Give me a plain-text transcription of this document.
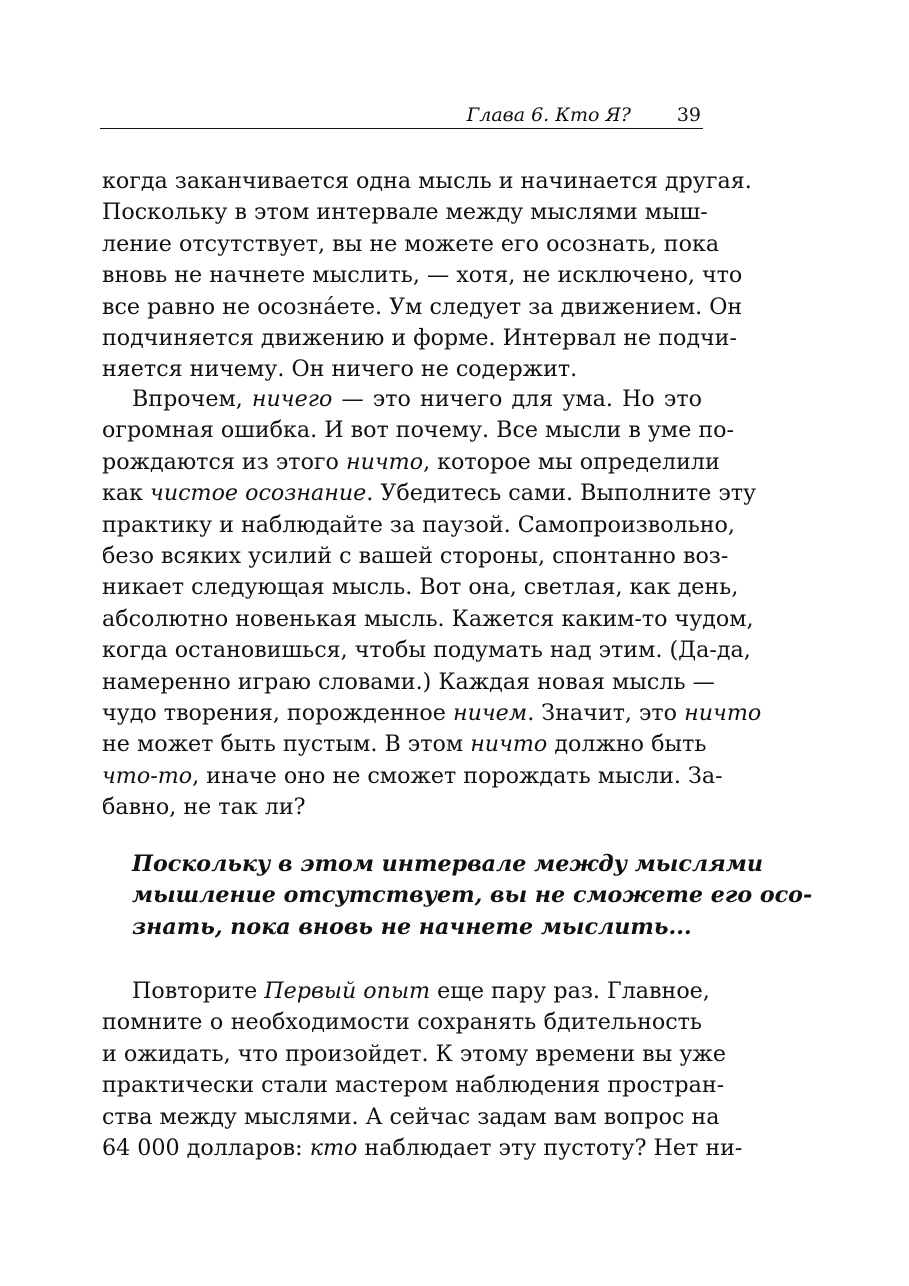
Глава 6. Кто Я? 39
когда заканчивается одна мысль и начинается другая.
Поскольку в этом интервале между мыслями мыш-
ление отсутствует, вы не можете его осознать, пока
вновь не начнете мыслить, — хотя, не исключено, что
все равно не осознáете. Ум следует за движением. Он
подчиняется движению и форме. Интервал не подчи-
няется ничему. Он ничего не содержит.
Впрочем, ничего — это ничего для ума. Но это
огромная ошибка. И вот почему. Все мысли в уме по-
рождаются из этого ничто, которое мы определили
как чистое осознание. Убедитесь сами. Выполните эту
практику и наблюдайте за паузой. Самопроизвольно,
безо всяких усилий с вашей стороны, спонтанно воз-
никает следующая мысль. Вот она, светлая, как день,
абсолютно новенькая мысль. Кажется каким-то чудом,
когда остановишься, чтобы подумать над этим. (Да-да,
намеренно играю словами.) Каждая новая мысль —
чудо творения, порожденное ничем. Значит, это ничто
не может быть пустым. В этом ничто должно быть
что-то, иначе оно не сможет порождать мысли. За-
бавно, не так ли?
Поскольку в этом интервале между мыслями
мышление отсутствует, вы не сможете его осо-
знать, пока вновь не начнете мыслить...
Повторите Первый опыт еще пару раз. Главное,
помните о необходимости сохранять бдительность
и ожидать, что произойдет. К этому времени вы уже
практически стали мастером наблюдения простран-
ства между мыслями. А сейчас задам вам вопрос на
64 000 долларов: кто наблюдает эту пустоту? Нет ни-
